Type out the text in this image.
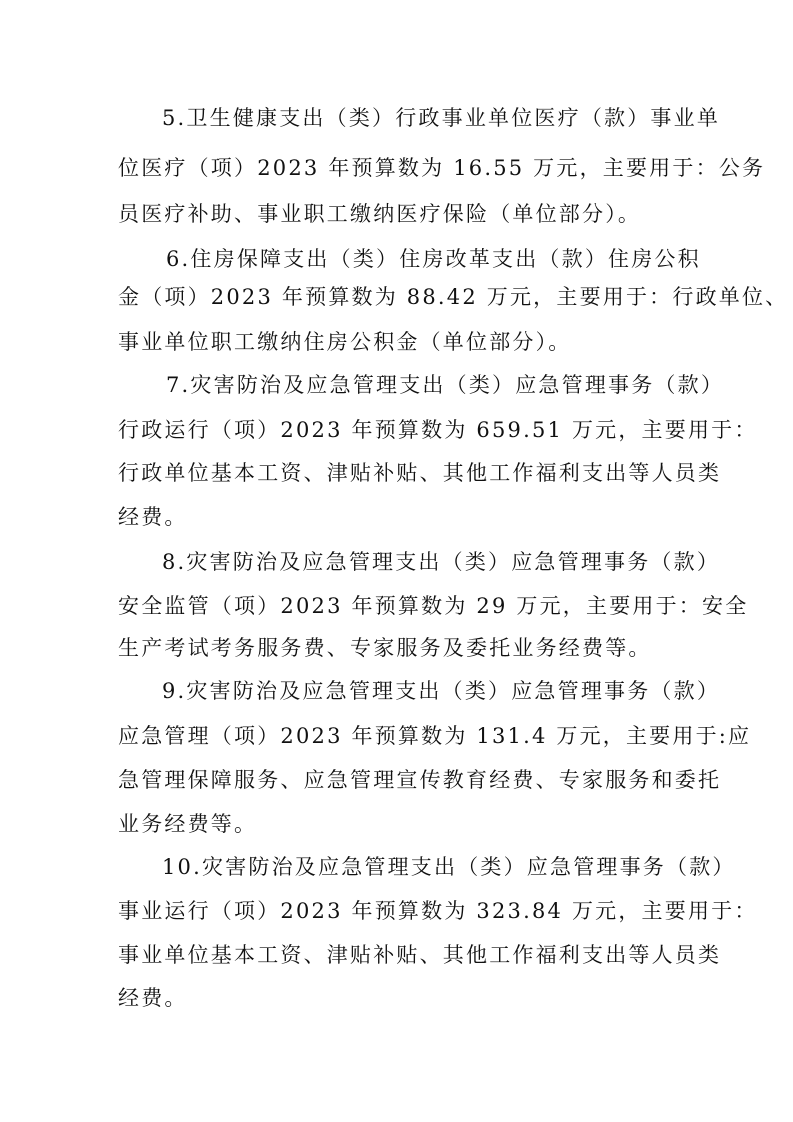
5.卫生健康支出（类）行政事业单位医疗（款）事业单
位医疗（项）2023 年预算数为 16.55 万元，主要用于：公务
员医疗补助、事业职工缴纳医疗保险（单位部分）。
6.住房保障支出（类）住房改革支出（款）住房公积
金（项）2023 年预算数为 88.42 万元，主要用于：行政单位、
事业单位职工缴纳住房公积金（单位部分）。
7.灾害防治及应急管理支出（类）应急管理事务（款）
行政运行（项）2023 年预算数为 659.51 万元，主要用于：
行政单位基本工资、津贴补贴、其他工作福利支出等人员类
经费。
8.灾害防治及应急管理支出（类）应急管理事务（款）
安全监管（项）2023 年预算数为 29 万元，主要用于：安全
生产考试考务服务费、专家服务及委托业务经费等。
9.灾害防治及应急管理支出（类）应急管理事务（款）
应急管理（项）2023 年预算数为 131.4 万元，主要用于:应
急管理保障服务、应急管理宣传教育经费、专家服务和委托
业务经费等。
10.灾害防治及应急管理支出（类）应急管理事务（款）
事业运行（项）2023 年预算数为 323.84 万元，主要用于：
事业单位基本工资、津贴补贴、其他工作福利支出等人员类
经费。
